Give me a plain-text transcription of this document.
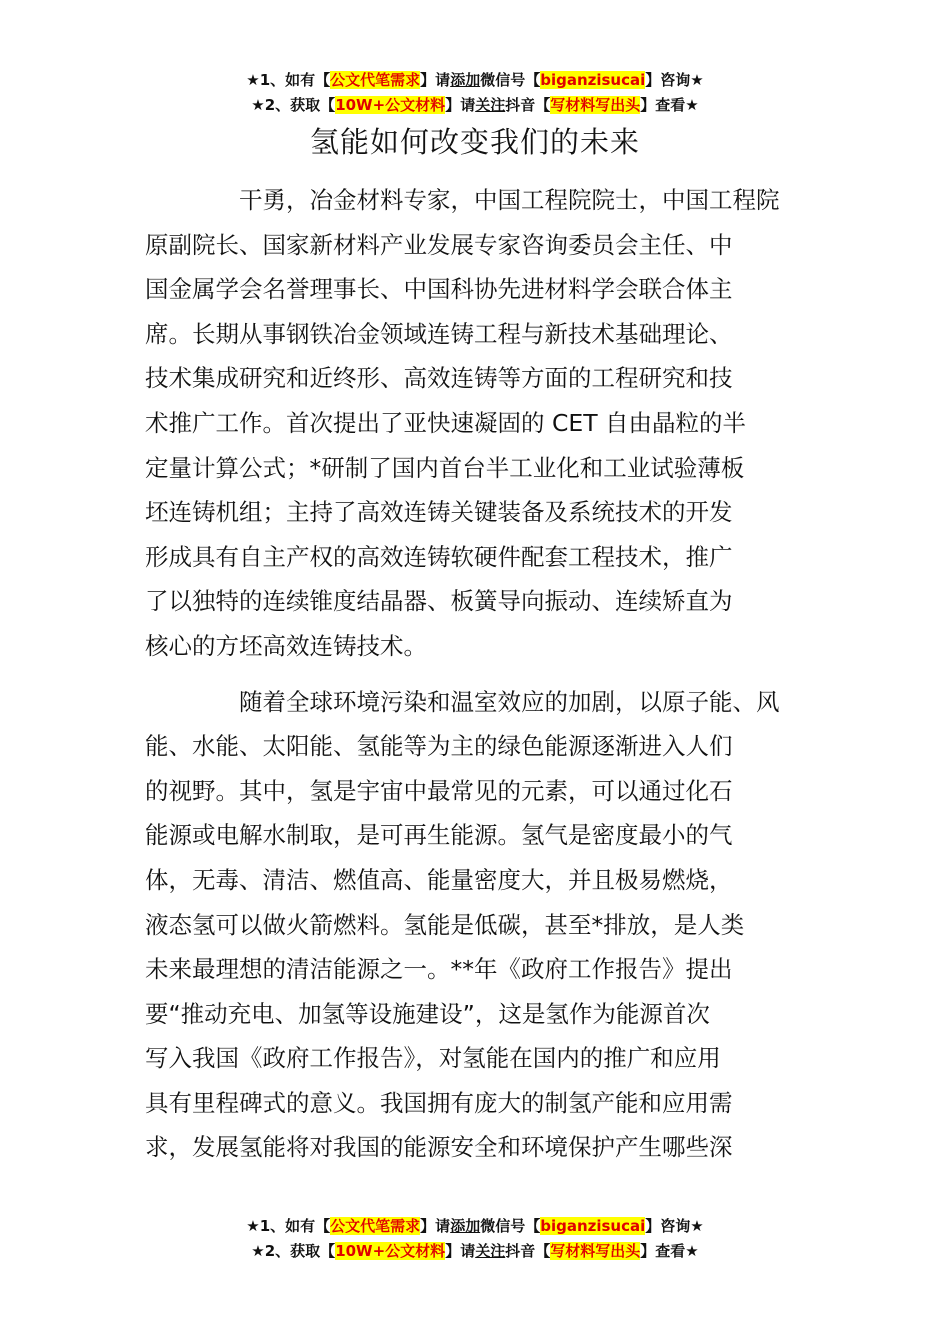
★1、如有【公文代笔需求】请添加微信号【biganzisucai】咨询★
★2、获取【10W+公文材料】请关注抖音【写材料写出头】查看★
氢能如何改变我们的未来

干勇，冶金材料专家，中国工程院院士，中国工程院
原副院长、国家新材料产业发展专家咨询委员会主任、中
国金属学会名誉理事长、中国科协先进材料学会联合体主
席。长期从事钢铁冶金领域连铸工程与新技术基础理论、
技术集成研究和近终形、高效连铸等方面的工程研究和技
术推广工作。首次提出了亚快速凝固的 CET 自由晶粒的半
定量计算公式；*研制了国内首台半工业化和工业试验薄板
坯连铸机组；主持了高效连铸关键装备及系统技术的开发
形成具有自主产权的高效连铸软硬件配套工程技术，推广
了以独特的连续锥度结晶器、板簧导向振动、连续矫直为
核心的方坯高效连铸技术。

随着全球环境污染和温室效应的加剧，以原子能、风
能、水能、太阳能、氢能等为主的绿色能源逐渐进入人们
的视野。其中，氢是宇宙中最常见的元素，可以通过化石
能源或电解水制取，是可再生能源。氢气是密度最小的气
体，无毒、清洁、燃值高、能量密度大，并且极易燃烧，
液态氢可以做火箭燃料。氢能是低碳，甚至*排放，是人类
未来最理想的清洁能源之一。**年《政府工作报告》提出
要“推动充电、加氢等设施建设”，这是氢作为能源首次
写入我国《政府工作报告》，对氢能在国内的推广和应用
具有里程碑式的意义。我国拥有庞大的制氢产能和应用需
求，发展氢能将对我国的能源安全和环境保护产生哪些深

★1、如有【公文代笔需求】请添加微信号【biganzisucai】咨询★
★2、获取【10W+公文材料】请关注抖音【写材料写出头】查看★
